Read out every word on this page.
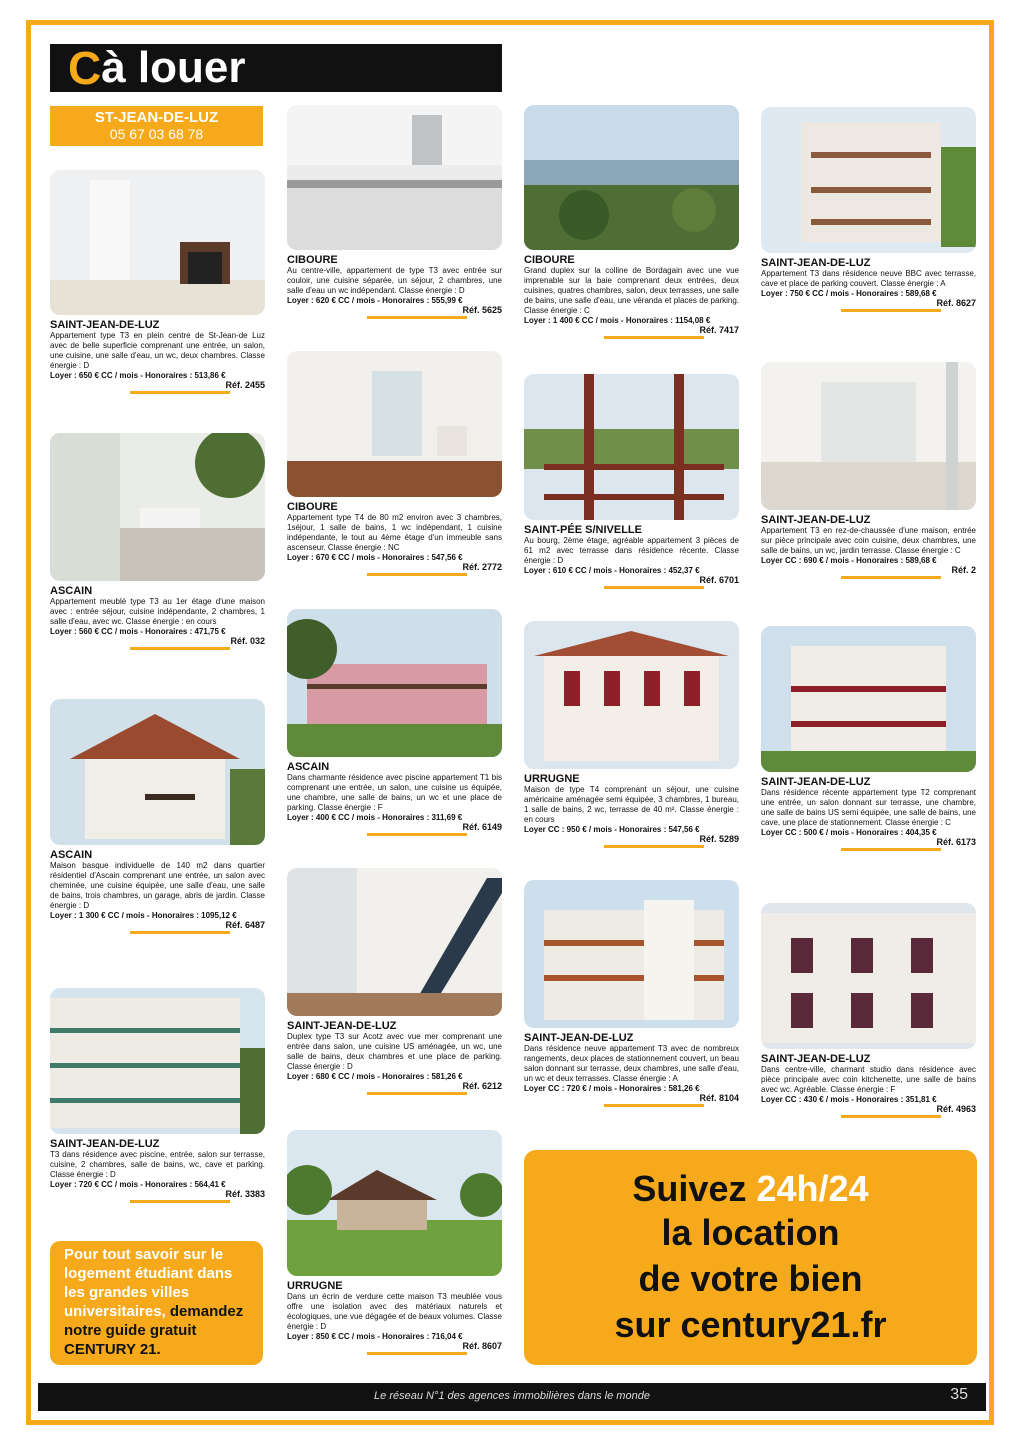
C à louer
ST-JEAN-DE-LUZ
05 67 03 68 78
SAINT-JEAN-DE-LUZ
Appartement type T3 en plein centre de St-Jean-de Luz avec de belle superficie comprenant une entrée, un salon, une cuisine, une salle d'eau, un wc, deux chambres. Classe énergie : D
Loyer : 650 € CC / mois - Honoraires : 513,86 €
Réf. 2455
CIBOURE
Au centre-ville, appartement de type T3 avec entrée sur couloir, une cuisine séparée, un séjour, 2 chambres, une salle d'eau un wc indépendant. Classe énergie : D
Loyer : 620 € CC / mois - Honoraires : 555,99 €
Réf. 5625
CIBOURE
Grand duplex sur la colline de Bordagain avec une vue imprenable sur la baie comprenant deux entrées, deux cuisines, quatres chambres, salon, deux terrasses, une salle de bains, une salle d'eau, une véranda et places de parking. Classe énergie : C
Loyer : 1 400 € CC / mois - Honoraires : 1154,08 €
Réf. 7417
SAINT-JEAN-DE-LUZ
Appartement T3 dans résidence neuve BBC avec terrasse, cave et place de parking couvert. Classe énergie : A
Loyer : 750 € CC / mois - Honoraires : 589,68 €
Réf. 8627
ASCAIN
Appartement meublé type T3 au 1er étage d'une maison avec : entrée séjour, cuisine indépendante, 2 chambres, 1 salle d'eau, avec wc. Classe énergie : en cours
Loyer : 560 € CC / mois - Honoraires : 471,75 €
Réf. 032
CIBOURE
Appartement type T4 de 80 m2 environ avec 3 chambres, 1séjour, 1 salle de bains, 1 wc indépendant, 1 cuisine indépendante, le tout au 4ème étage d'un immeuble sans ascenseur. Classe énergie : NC
Loyer : 670 € CC / mois - Honoraires : 547,56 €
Réf. 2772
SAINT-PÉE S/NIVELLE
Au bourg, 2ème étage, agréable appartement 3 pièces de 61 m2 avec terrasse dans résidence récente. Classe énergie : D
Loyer : 610 € CC / mois - Honoraires : 452,37 €
Réf. 6701
SAINT-JEAN-DE-LUZ
Appartement T3 en rez-de-chaussée d'une maison, entrée sur pièce principale avec coin cuisine, deux chambres, une salle de bains, un wc, jardin terrasse. Classe énergie : C
Loyer CC : 690 € / mois - Honoraires : 589,68 €
Réf. 2
ASCAIN
Maison basque individuelle de 140 m2 dans quartier résidentiel d'Ascain comprenant une entrée, un salon avec cheminée, une cuisine équipée, une salle d'eau, une salle de bains, trois chambres, un garage, abris de jardin. Classe énergie : D
Loyer : 1 300 € CC / mois - Honoraires : 1095,12 €
Réf. 6487
ASCAIN
Dans charmante résidence avec piscine appartement T1 bis comprenant une entrée, un salon, une cuisine us équipée, une chambre, une salle de bains, un wc et une place de parking. Classe énergie : F
Loyer : 400 € CC / mois - Honoraires : 311,69 €
Réf. 6149
URRUGNE
Maison de type T4 comprenant un séjour, une cuisine américaine aménagée semi équipée, 3 chambres, 1 bureau, 1 salle de bains, 2 wc, terrasse de 40 m². Classe énergie : en cours
Loyer CC : 950 € / mois - Honoraires : 547,56 €
Réf. 5289
SAINT-JEAN-DE-LUZ
Dans résidence récente appartement type T2 comprenant une entrée, un salon donnant sur terrasse, une chambre, une salle de bains US semi équipée, une salle de bains, une cave, une place de stationnement. Classe énergie : C
Loyer CC : 500 € / mois - Honoraires : 404,35 €
Réf. 6173
SAINT-JEAN-DE-LUZ
T3 dans résidence avec piscine, entrée, salon sur terrasse, cuisine, 2 chambres, salle de bains, wc, cave et parking. Classe énergie : D
Loyer : 720 € CC / mois - Honoraires : 564,41 €
Réf. 3383
SAINT-JEAN-DE-LUZ
Duplex type T3 sur Acotz avec vue mer comprenant une entrée dans salon, une cuisine US aménagée, un wc, une salle de bains, deux chambres et une place de parking. Classe énergie : D
Loyer : 680 € CC / mois - Honoraires : 581,26 €
Réf. 6212
SAINT-JEAN-DE-LUZ
Dans résidence neuve appartement T3 avec de nombreux rangements, deux places de stationnement couvert, un beau salon donnant sur terrasse, deux chambres, une salle d'eau, un wc et deux terrasses. Classe énergie : A
Loyer CC : 720 € / mois - Honoraires : 581,26 €
Réf. 8104
SAINT-JEAN-DE-LUZ
Dans centre-ville, charmant studio dans résidence avec pièce principale avec coin kitchenette, une salle de bains avec wc. Agréable. Classe énergie : F
Loyer CC : 430 € / mois - Honoraires : 351,81 €
Réf. 4963
URRUGNE
Dans un écrin de verdure cette maison T3 meublée vous offre une isolation avec des matériaux naturels et écologiques, une vue dégagée et de beaux volumes. Classe énergie : D
Loyer : 850 € CC / mois - Honoraires : 716,04 €
Réf. 8607
Pour tout savoir sur le logement étudiant dans les grandes villes universitaires, demandez notre guide gratuit CENTURY 21.
Suivez 24h/24
la location
de votre bien
sur century21.fr
Le réseau N°1 des agences immobilières dans le monde	35
